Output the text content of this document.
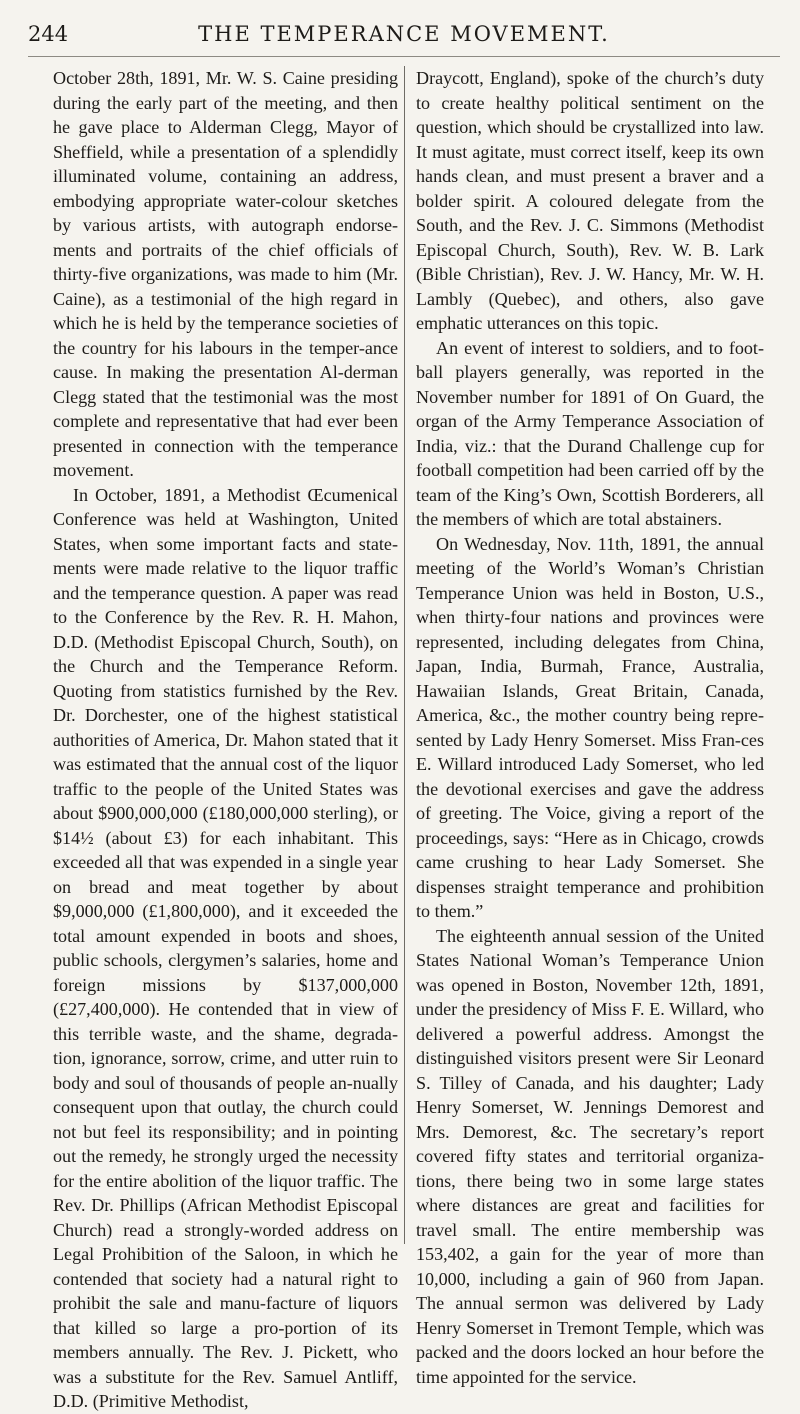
244	THE TEMPERANCE MOVEMENT.

October 28th, 1891, Mr. W. S. Caine presiding during the early part of the meeting, and then he gave place to Alderman Clegg, Mayor of Sheffield, while a presentation of a splendidly illuminated volume, containing an address, embodying appropriate water-colour sketches by various artists, with autograph endorse-ments and portraits of the chief officials of thirty-five organizations, was made to him (Mr. Caine), as a testimonial of the high regard in which he is held by the temperance societies of the country for his labours in the temper-ance cause. In making the presentation Al-derman Clegg stated that the testimonial was the most complete and representative that had ever been presented in connection with the temperance movement.

In October, 1891, a Methodist Œcumenical Conference was held at Washington, United States, when some important facts and state-ments were made relative to the liquor traffic and the temperance question. A paper was read to the Conference by the Rev. R. H. Mahon, D.D. (Methodist Episcopal Church, South), on the Church and the Temperance Reform. Quoting from statistics furnished by the Rev. Dr. Dorchester, one of the highest statistical authorities of America, Dr. Mahon stated that it was estimated that the annual cost of the liquor traffic to the people of the United States was about $900,000,000 (£180,000,000 sterling), or $14½ (about £3) for each inhabitant. This exceeded all that was expended in a single year on bread and meat together by about $9,000,000 (£1,800,000), and it exceeded the total amount expended in boots and shoes, public schools, clergymen’s salaries, home and foreign missions by $137,000,000 (£27,400,000). He contended that in view of this terrible waste, and the shame, degrada-tion, ignorance, sorrow, crime, and utter ruin to body and soul of thousands of people an-nually consequent upon that outlay, the church could not but feel its responsibility; and in pointing out the remedy, he strongly urged the necessity for the entire abolition of the liquor traffic. The Rev. Dr. Phillips (African Methodist Episcopal Church) read a strongly-worded address on Legal Prohibition of the Saloon, in which he contended that society had a natural right to prohibit the sale and manu-facture of liquors that killed so large a pro-portion of its members annually. The Rev. J. Pickett, who was a substitute for the Rev. Samuel Antliff, D.D. (Primitive Methodist,

Draycott, England), spoke of the church’s duty to create healthy political sentiment on the question, which should be crystallized into law. It must agitate, must correct itself, keep its own hands clean, and must present a braver and a bolder spirit. A coloured delegate from the South, and the Rev. J. C. Simmons (Methodist Episcopal Church, South), Rev. W. B. Lark (Bible Christian), Rev. J. W. Hancy, Mr. W. H. Lambly (Quebec), and others, also gave emphatic utterances on this topic.

An event of interest to soldiers, and to foot-ball players generally, was reported in the November number for 1891 of On Guard, the organ of the Army Temperance Association of India, viz.: that the Durand Challenge cup for football competition had been carried off by the team of the King’s Own, Scottish Borderers, all the members of which are total abstainers.

On Wednesday, Nov. 11th, 1891, the annual meeting of the World’s Woman’s Christian Temperance Union was held in Boston, U.S., when thirty-four nations and provinces were represented, including delegates from China, Japan, India, Burmah, France, Australia, Hawaiian Islands, Great Britain, Canada, America, &c., the mother country being repre-sented by Lady Henry Somerset. Miss Fran-ces E. Willard introduced Lady Somerset, who led the devotional exercises and gave the address of greeting. The Voice, giving a report of the proceedings, says: “Here as in Chicago, crowds came crushing to hear Lady Somerset. She dispenses straight temperance and prohibition to them.”

The eighteenth annual session of the United States National Woman’s Temperance Union was opened in Boston, November 12th, 1891, under the presidency of Miss F. E. Willard, who delivered a powerful address. Amongst the distinguished visitors present were Sir Leonard S. Tilley of Canada, and his daughter; Lady Henry Somerset, W. Jennings Demorest and Mrs. Demorest, &c. The secretary’s report covered fifty states and territorial organiza-tions, there being two in some large states where distances are great and facilities for travel small. The entire membership was 153,402, a gain for the year of more than 10,000, including a gain of 960 from Japan. The annual sermon was delivered by Lady Henry Somerset in Tremont Temple, which was packed and the doors locked an hour before the time appointed for the service.
